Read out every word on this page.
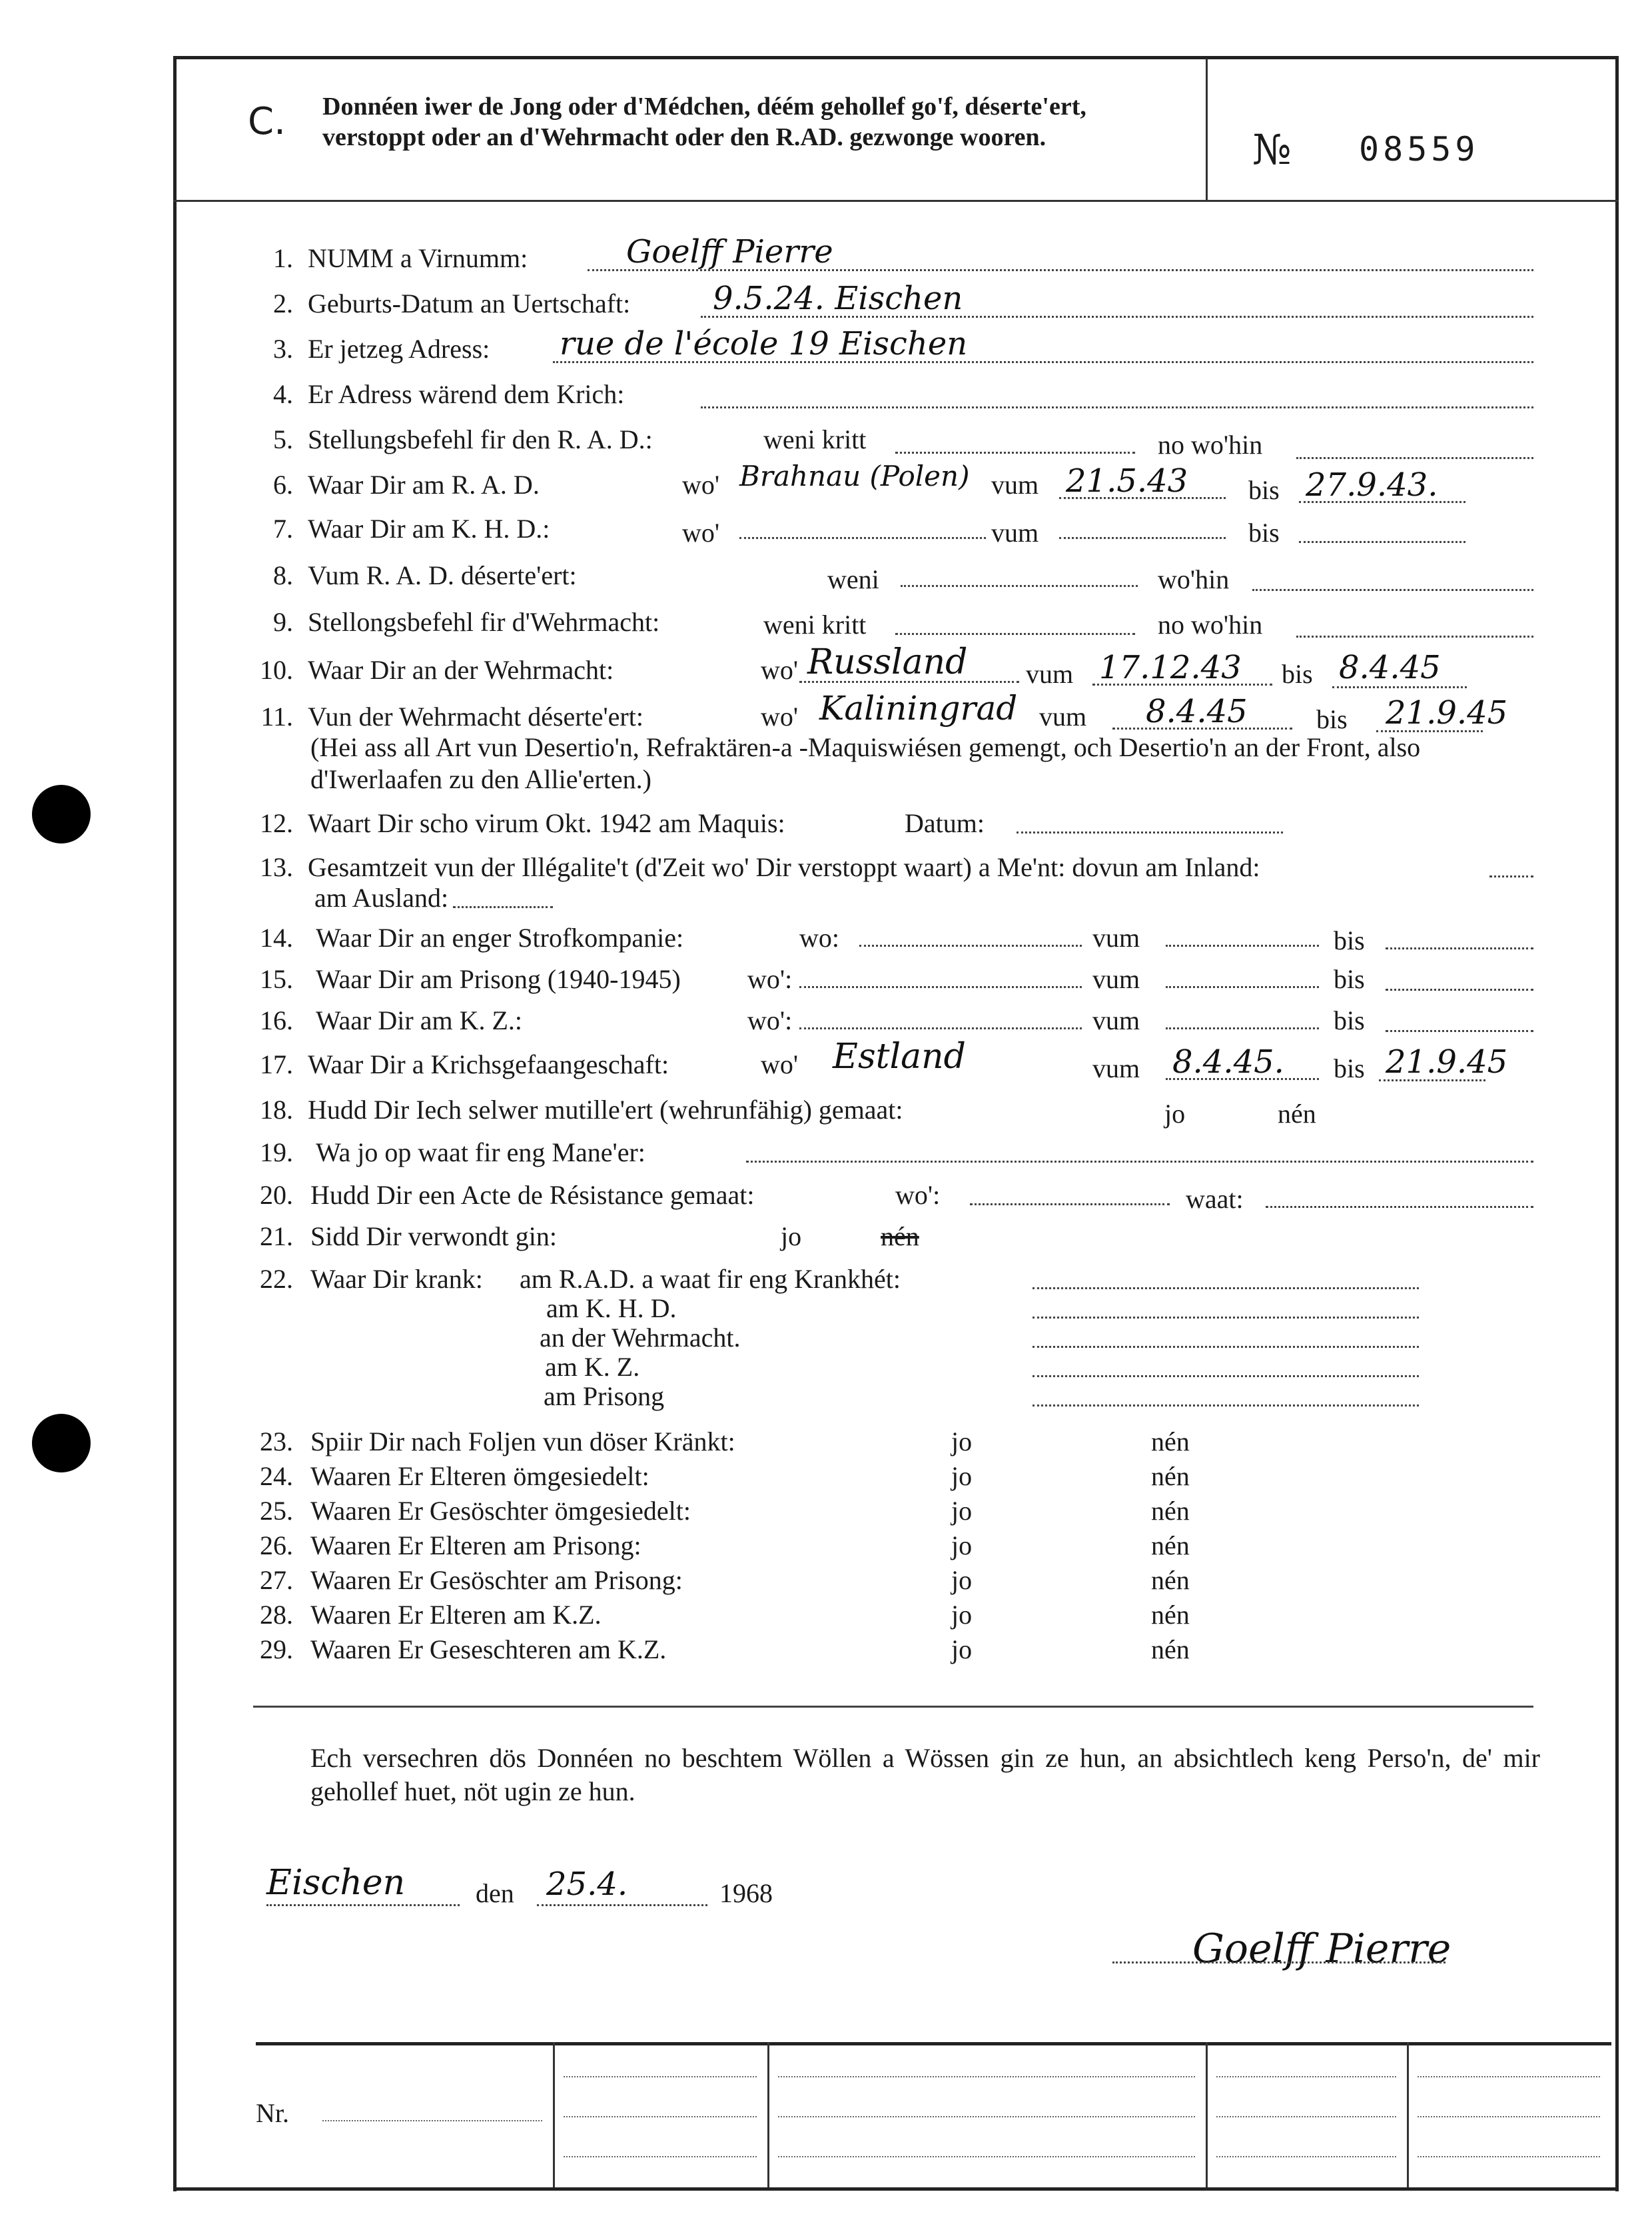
C. Donnéen iwer de Jong oder d'Médchen, déém gehollef go'f, déserte'ert, verstoppt oder an d'Wehrmacht oder den R.AD. gezwonge wooren.	№ 08559
1. NUMM a Virnumm:	Goelff Pierre
2. Geburts-Datum an Uertschaft:	9.5.24. Eischen
3. Er jetzeg Adress: rue de l'école 19 Eischen
4. Er Adress wärend dem Krich:
5. Stellungsbefehl fir den R. A. D.:	weni kritt	no wo'hin
6. Waar Dir am R. A. D.	wo' Brahnau (Polen) vum 21.5.43 bis 27.9.43.
7. Waar Dir am K. H. D.:	wo'	vum	bis
8. Vum R. A. D. déserte'ert:	weni	wo'hin
9. Stellongsbefehl fir d'Wehrmacht:	weni kritt	no wo'hin
10. Waar Dir an der Wehrmacht:	wo' Russland vum 17.12.43 bis 8.4.45
11. Vun der Wehrmacht déserte'ert:	wo' Kaliningrad vum 8.4.45	bis 21.9.45
(Hei ass all Art vun Desertio'n, Refraktären-a -Maquiswiésen gemengt, och Desertio'n an der Front, also d'Iwerlaafen zu den Allie'erten.)
12. Waart Dir scho virum Okt. 1942 am Maquis:	Datum:
13. Gesamtzeit vun der Illégalite't (d'Zeit wo' Dir verstoppt waart) a Me'nt: dovun am Inland:
am Ausland:
14. Waar Dir an enger Strofkompanie:	wo:	vum	bis
15. Waar Dir am Prisong (1940-1945)	wo':	vum	bis
16. Waar Dir am K. Z.:	wo':	vum	bis
17. Waar Dir a Krichsgefaangeschaft:	wo' Estland	vum 8.4.45. bis 21.9.45
18. Hudd Dir Iech selwer mutille'ert (wehrunfähig) gemaat:	jo	nén
19. Wa jo op waat fir eng Mane'er:
20. Hudd Dir een Acte de Résistance gemaat:	wo':	waat:
21. Sidd Dir verwondt gin:	jo	nén
22. Waar Dir krank: am R.A.D. a waat fir eng Krankhét:
am K. H. D.
an der Wehrmacht.
am K. Z.
am Prisong
23. Spiir Dir nach Foljen vun döser Kränkt:	jo	nén
24. Waaren Er Elteren ömgesiedelt:	jo	nén
25. Waaren Er Gesöschter ömgesiedelt:	jo	nén
26. Waaren Er Elteren am Prisong:	jo	nén
27. Waaren Er Gesöschter am Prisong:	jo	nén
28. Waaren Er Elteren am K.Z.	jo	nén
29. Waaren Er Geseschteren am K.Z.	jo	nén
Ech versechren dös Donnéen no beschtem Wöllen a Wössen gin ze hun, an absichtlech keng Perso'n, de' mir gehollef huet, nöt ugin ze hun.
Eischen	den 25.4.	1968
Goelff Pierre
Nr.
